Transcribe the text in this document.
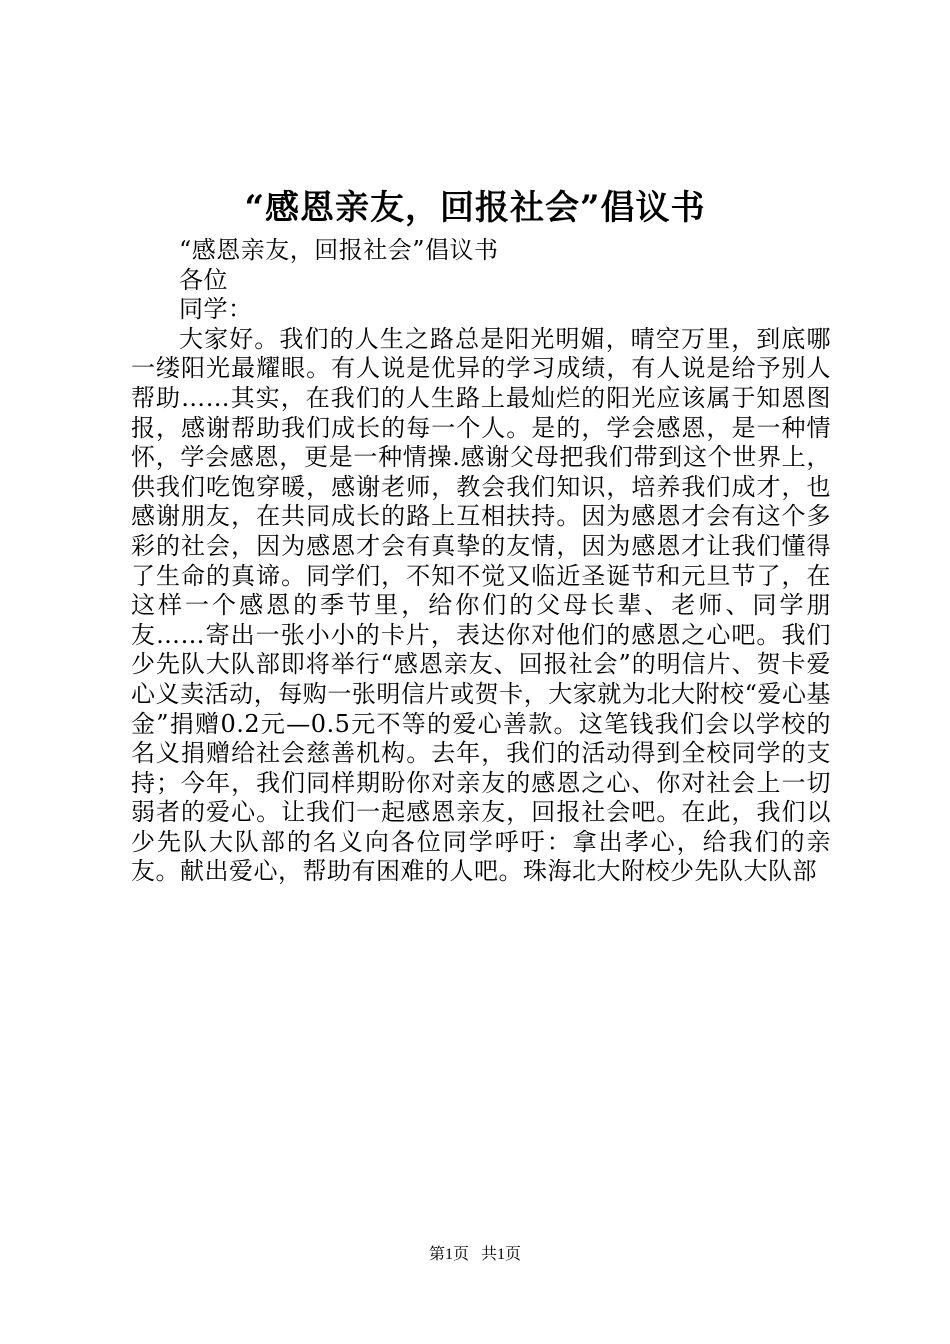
“感恩亲友，回报社会”倡议书

“感恩亲友，回报社会”倡议书

各位

同学：

大家好。我们的人生之路总是阳光明媚，晴空万里，到底哪一缕阳光最耀眼。有人说是优异的学习成绩，有人说是给予别人帮助……其实，在我们的人生路上最灿烂的阳光应该属于知恩图报，感谢帮助我们成长的每一个人。是的，学会感恩，是一种情怀，学会感恩，更是一种情操.感谢父母把我们带到这个世界上，供我们吃饱穿暖，感谢老师，教会我们知识，培养我们成才，也感谢朋友，在共同成长的路上互相扶持。因为感恩才会有这个多彩的社会，因为感恩才会有真挚的友情，因为感恩才让我们懂得了生命的真谛。同学们，不知不觉又临近圣诞节和元旦节了，在这样一个感恩的季节里，给你们的父母长辈、老师、同学朋友……寄出一张小小的卡片，表达你对他们的感恩之心吧。我们少先队大队部即将举行“感恩亲友、回报社会”的明信片、贺卡爱心义卖活动，每购一张明信片或贺卡，大家就为北大附校“爱心基金”捐赠0.2元—0.5元不等的爱心善款。这笔钱我们会以学校的名义捐赠给社会慈善机构。去年，我们的活动得到全校同学的支持；今年，我们同样期盼你对亲友的感恩之心、你对社会上一切弱者的爱心。让我们一起感恩亲友，回报社会吧。在此，我们以少先队大队部的名义向各位同学呼吁：拿出孝心，给我们的亲友。献出爱心，帮助有困难的人吧。珠海北大附校少先队大队部

第1页 共1页
